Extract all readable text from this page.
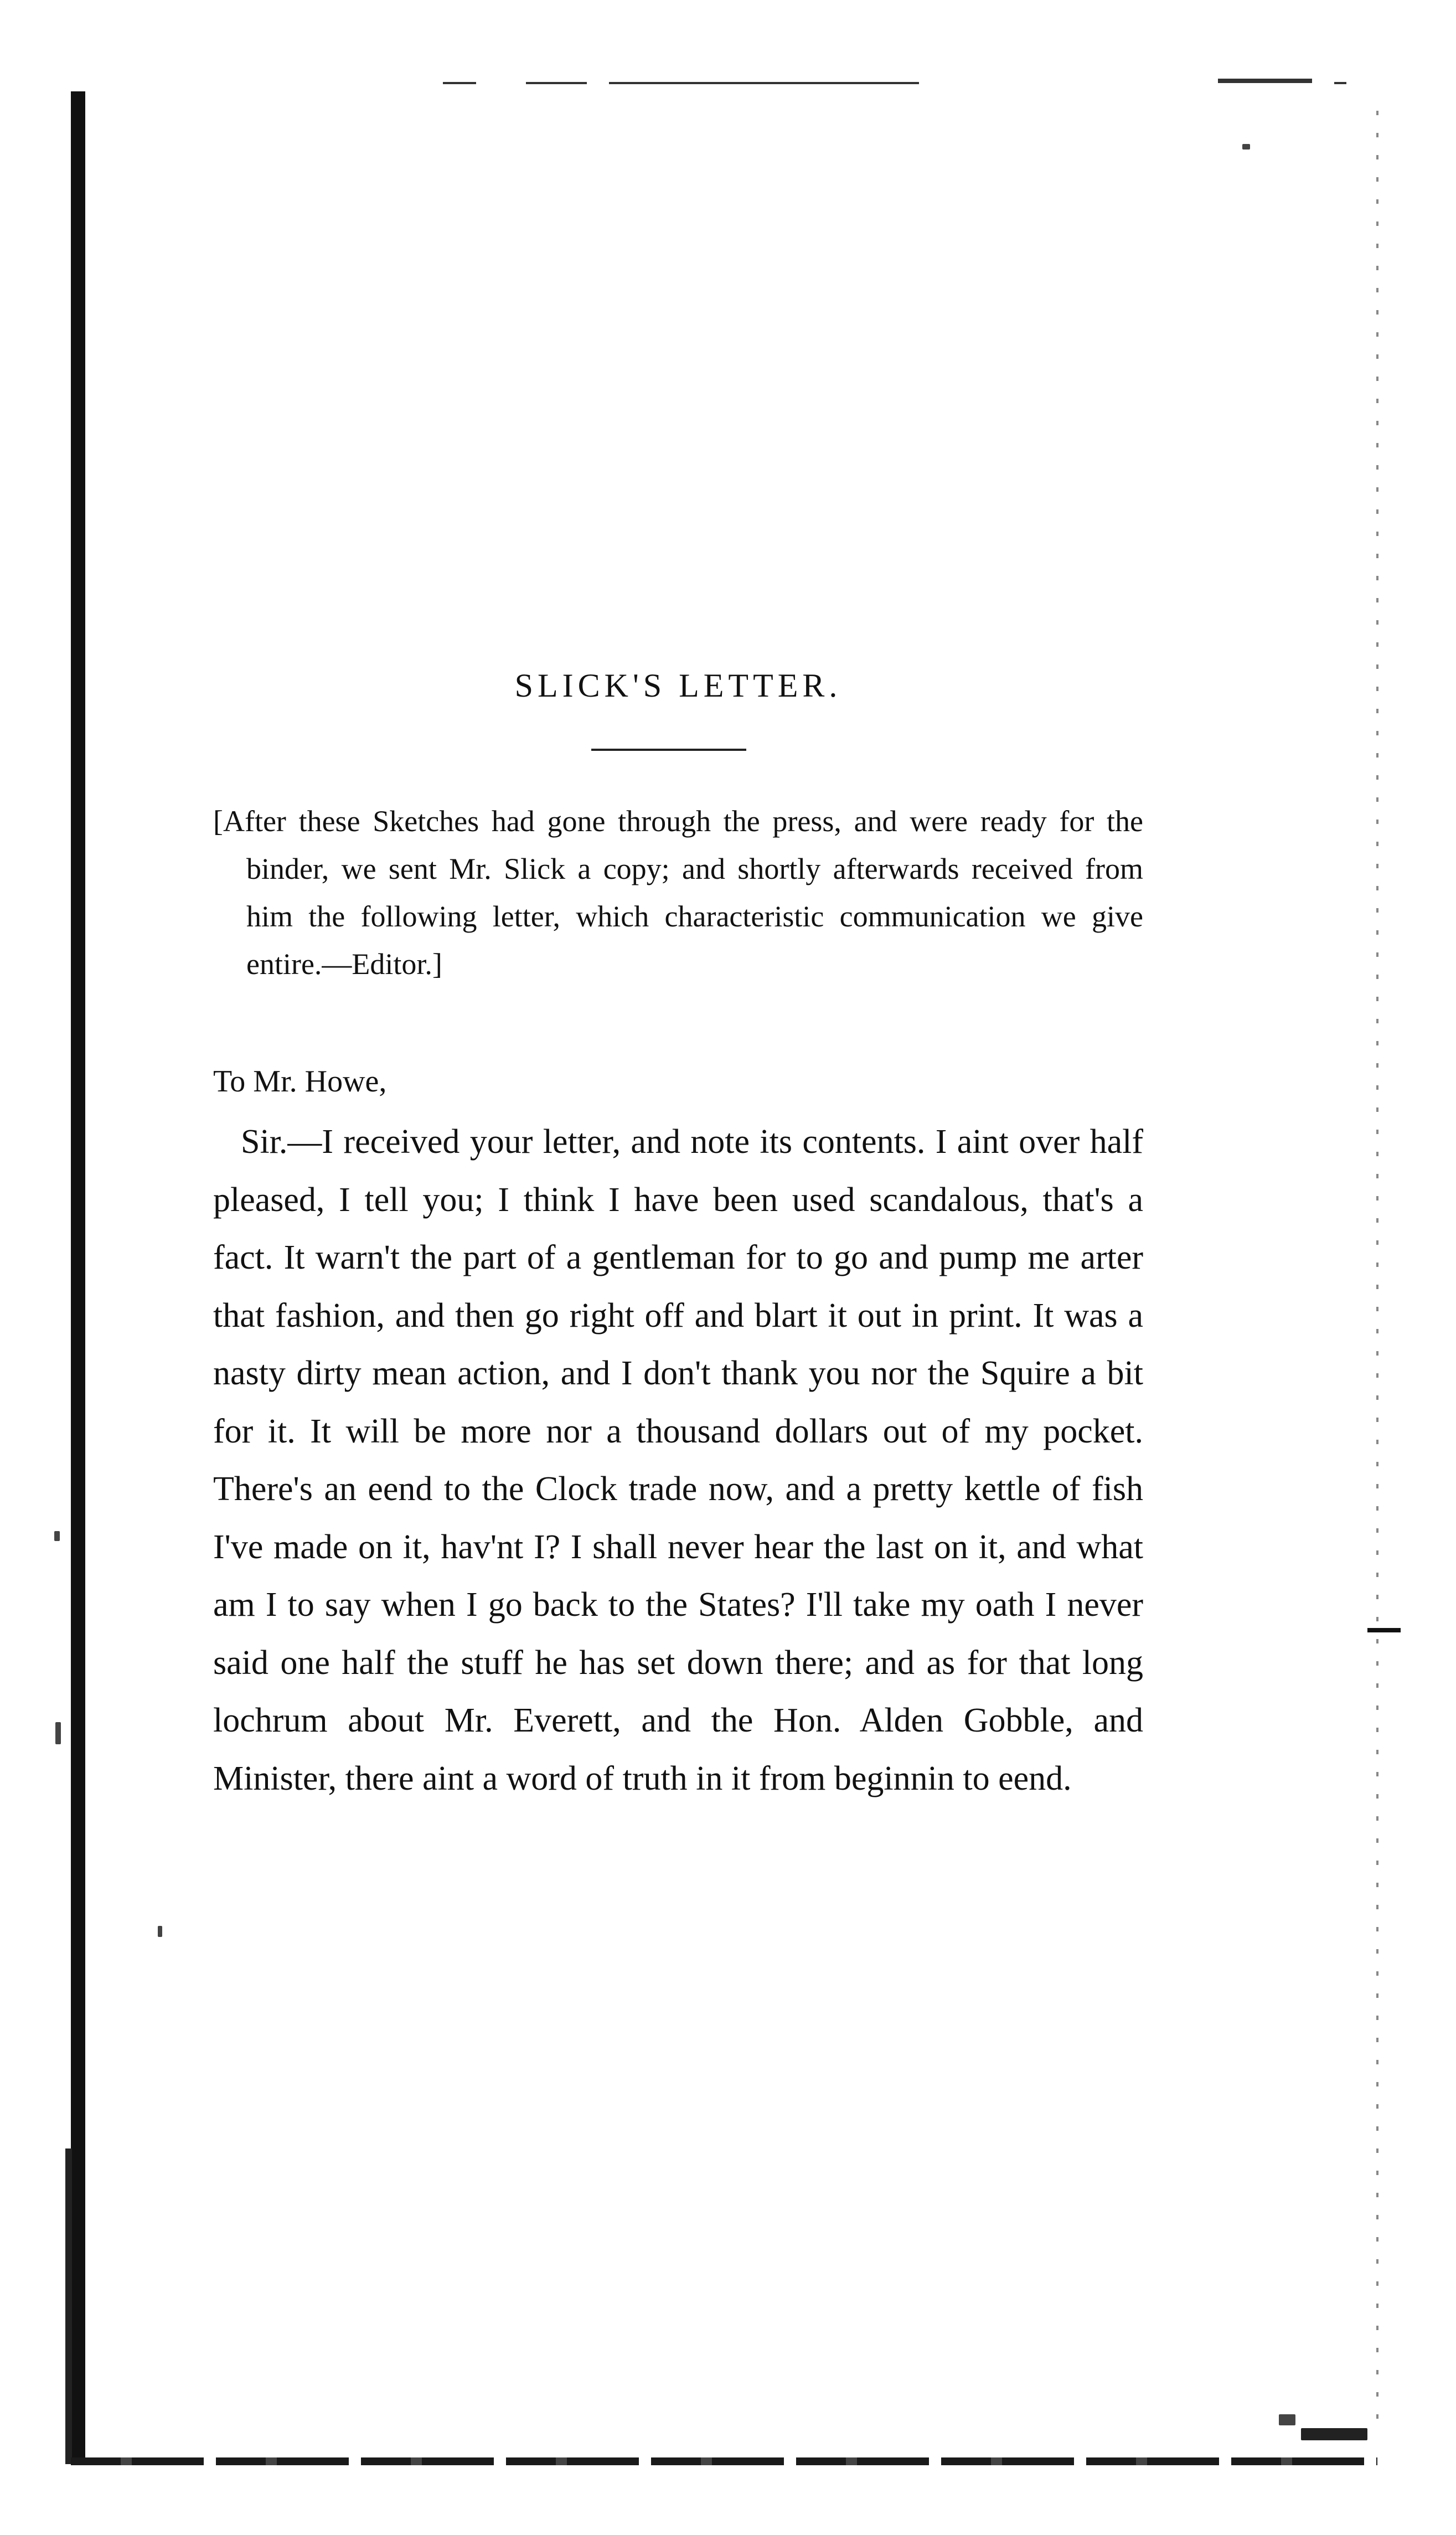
SLICK'S LETTER.
[After these Sketches had gone through the press, and were ready for the binder, we sent Mr. Slick a copy; and shortly afterwards received from him the following letter, which characteristic communication we give entire.—Editor.]
To Mr. Howe,
Sir.—I received your letter, and note its contents. I aint over half pleased, I tell you; I think I have been used scandalous, that's a fact. It warn't the part of a gentleman for to go and pump me arter that fashion, and then go right off and blart it out in print. It was a nasty dirty mean action, and I don't thank you nor the Squire a bit for it. It will be more nor a thousand dollars out of my pocket. There's an eend to the Clock trade now, and a pretty kettle of fish I've made on it, hav'nt I? I shall never hear the last on it, and what am I to say when I go back to the States? I'll take my oath I never said one half the stuff he has set down there; and as for that long lochrum about Mr. Everett, and the Hon. Alden Gobble, and Minister, there aint a word of truth in it from beginnin to eend.
